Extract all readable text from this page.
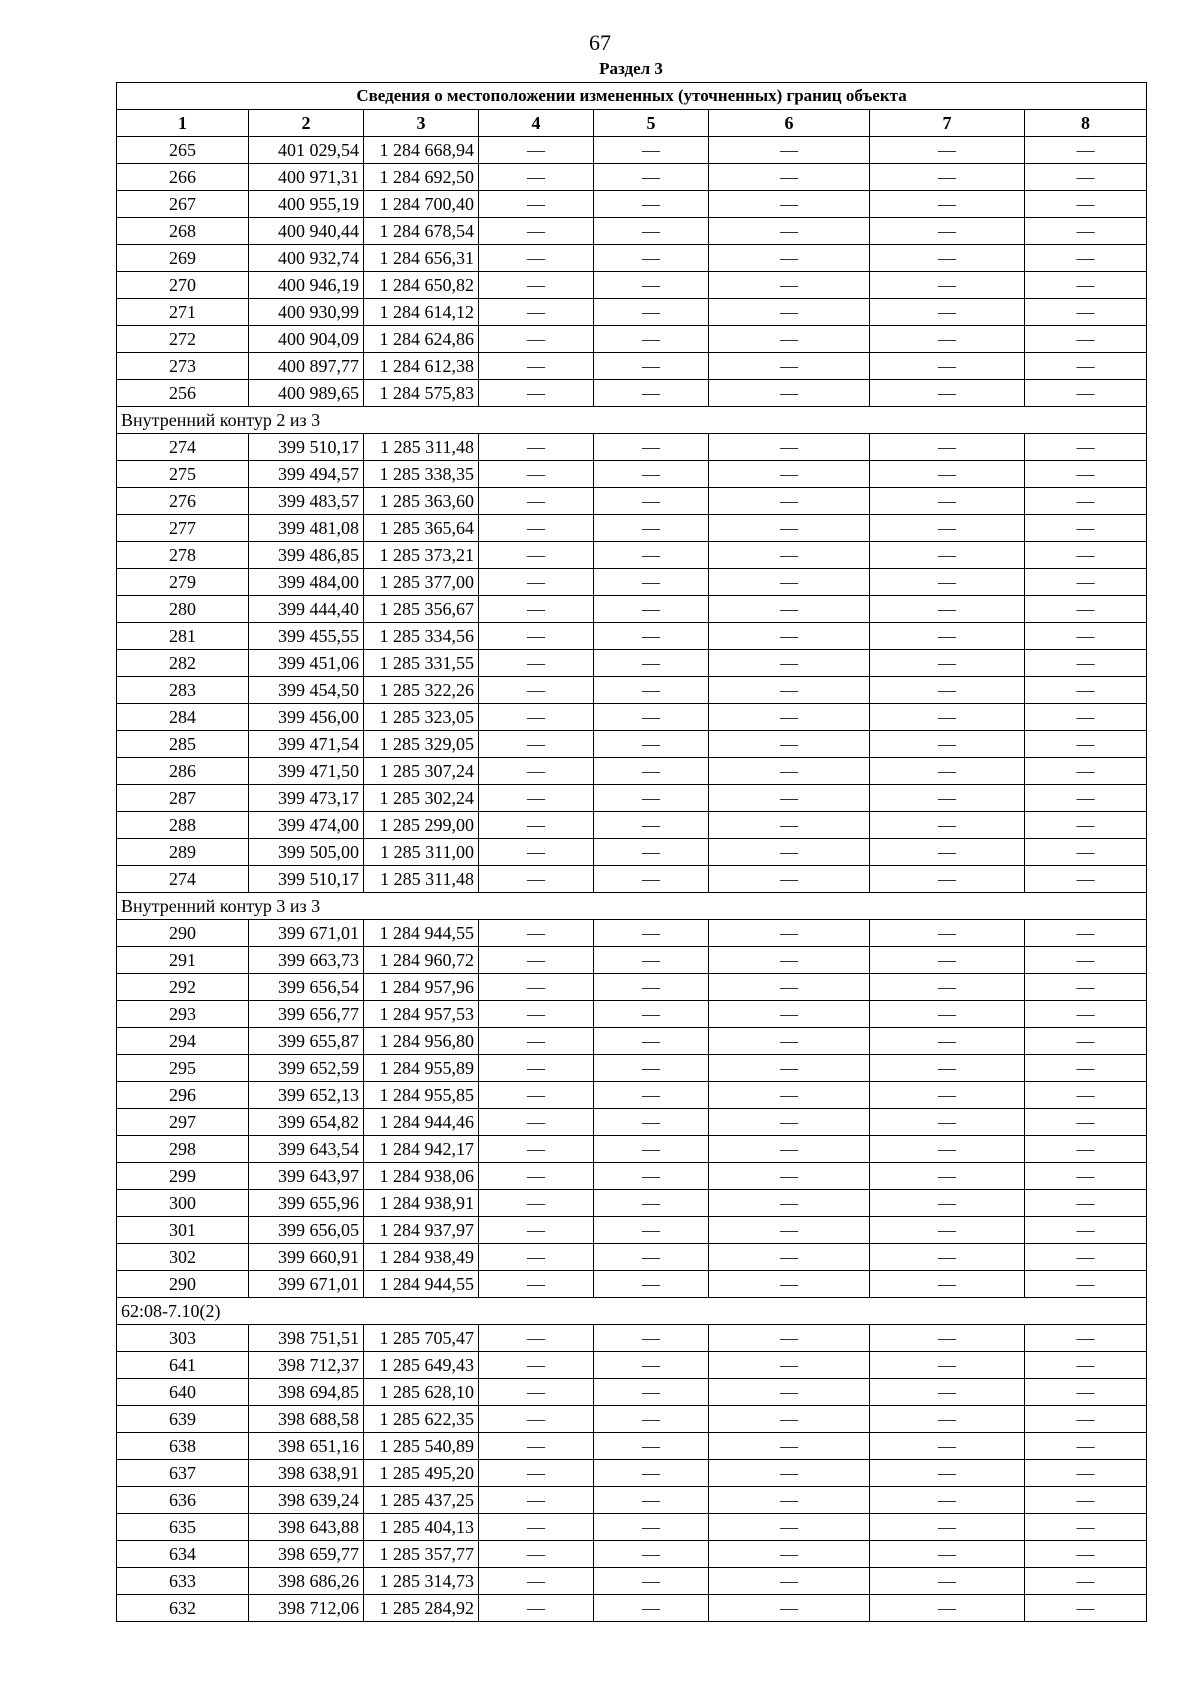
67
Раздел 3
Сведения о местоположении измененных (уточненных) границ объекта							
1	2	3	4	5	6	7	8
265	401 029,54	1 284 668,94	—	—	—	—	—
266	400 971,31	1 284 692,50	—	—	—	—	—
267	400 955,19	1 284 700,40	—	—	—	—	—
268	400 940,44	1 284 678,54	—	—	—	—	—
269	400 932,74	1 284 656,31	—	—	—	—	—
270	400 946,19	1 284 650,82	—	—	—	—	—
271	400 930,99	1 284 614,12	—	—	—	—	—
272	400 904,09	1 284 624,86	—	—	—	—	—
273	400 897,77	1 284 612,38	—	—	—	—	—
256	400 989,65	1 284 575,83	—	—	—	—	—
Внутренний контур 2 из 3							
274	399 510,17	1 285 311,48	—	—	—	—	—
275	399 494,57	1 285 338,35	—	—	—	—	—
276	399 483,57	1 285 363,60	—	—	—	—	—
277	399 481,08	1 285 365,64	—	—	—	—	—
278	399 486,85	1 285 373,21	—	—	—	—	—
279	399 484,00	1 285 377,00	—	—	—	—	—
280	399 444,40	1 285 356,67	—	—	—	—	—
281	399 455,55	1 285 334,56	—	—	—	—	—
282	399 451,06	1 285 331,55	—	—	—	—	—
283	399 454,50	1 285 322,26	—	—	—	—	—
284	399 456,00	1 285 323,05	—	—	—	—	—
285	399 471,54	1 285 329,05	—	—	—	—	—
286	399 471,50	1 285 307,24	—	—	—	—	—
287	399 473,17	1 285 302,24	—	—	—	—	—
288	399 474,00	1 285 299,00	—	—	—	—	—
289	399 505,00	1 285 311,00	—	—	—	—	—
274	399 510,17	1 285 311,48	—	—	—	—	—
Внутренний контур 3 из 3							
290	399 671,01	1 284 944,55	—	—	—	—	—
291	399 663,73	1 284 960,72	—	—	—	—	—
292	399 656,54	1 284 957,96	—	—	—	—	—
293	399 656,77	1 284 957,53	—	—	—	—	—
294	399 655,87	1 284 956,80	—	—	—	—	—
295	399 652,59	1 284 955,89	—	—	—	—	—
296	399 652,13	1 284 955,85	—	—	—	—	—
297	399 654,82	1 284 944,46	—	—	—	—	—
298	399 643,54	1 284 942,17	—	—	—	—	—
299	399 643,97	1 284 938,06	—	—	—	—	—
300	399 655,96	1 284 938,91	—	—	—	—	—
301	399 656,05	1 284 937,97	—	—	—	—	—
302	399 660,91	1 284 938,49	—	—	—	—	—
290	399 671,01	1 284 944,55	—	—	—	—	—
62:08-7.10(2)							
303	398 751,51	1 285 705,47	—	—	—	—	—
641	398 712,37	1 285 649,43	—	—	—	—	—
640	398 694,85	1 285 628,10	—	—	—	—	—
639	398 688,58	1 285 622,35	—	—	—	—	—
638	398 651,16	1 285 540,89	—	—	—	—	—
637	398 638,91	1 285 495,20	—	—	—	—	—
636	398 639,24	1 285 437,25	—	—	—	—	—
635	398 643,88	1 285 404,13	—	—	—	—	—
634	398 659,77	1 285 357,77	—	—	—	—	—
633	398 686,26	1 285 314,73	—	—	—	—	—
632	398 712,06	1 285 284,92	—	—	—	—	—
